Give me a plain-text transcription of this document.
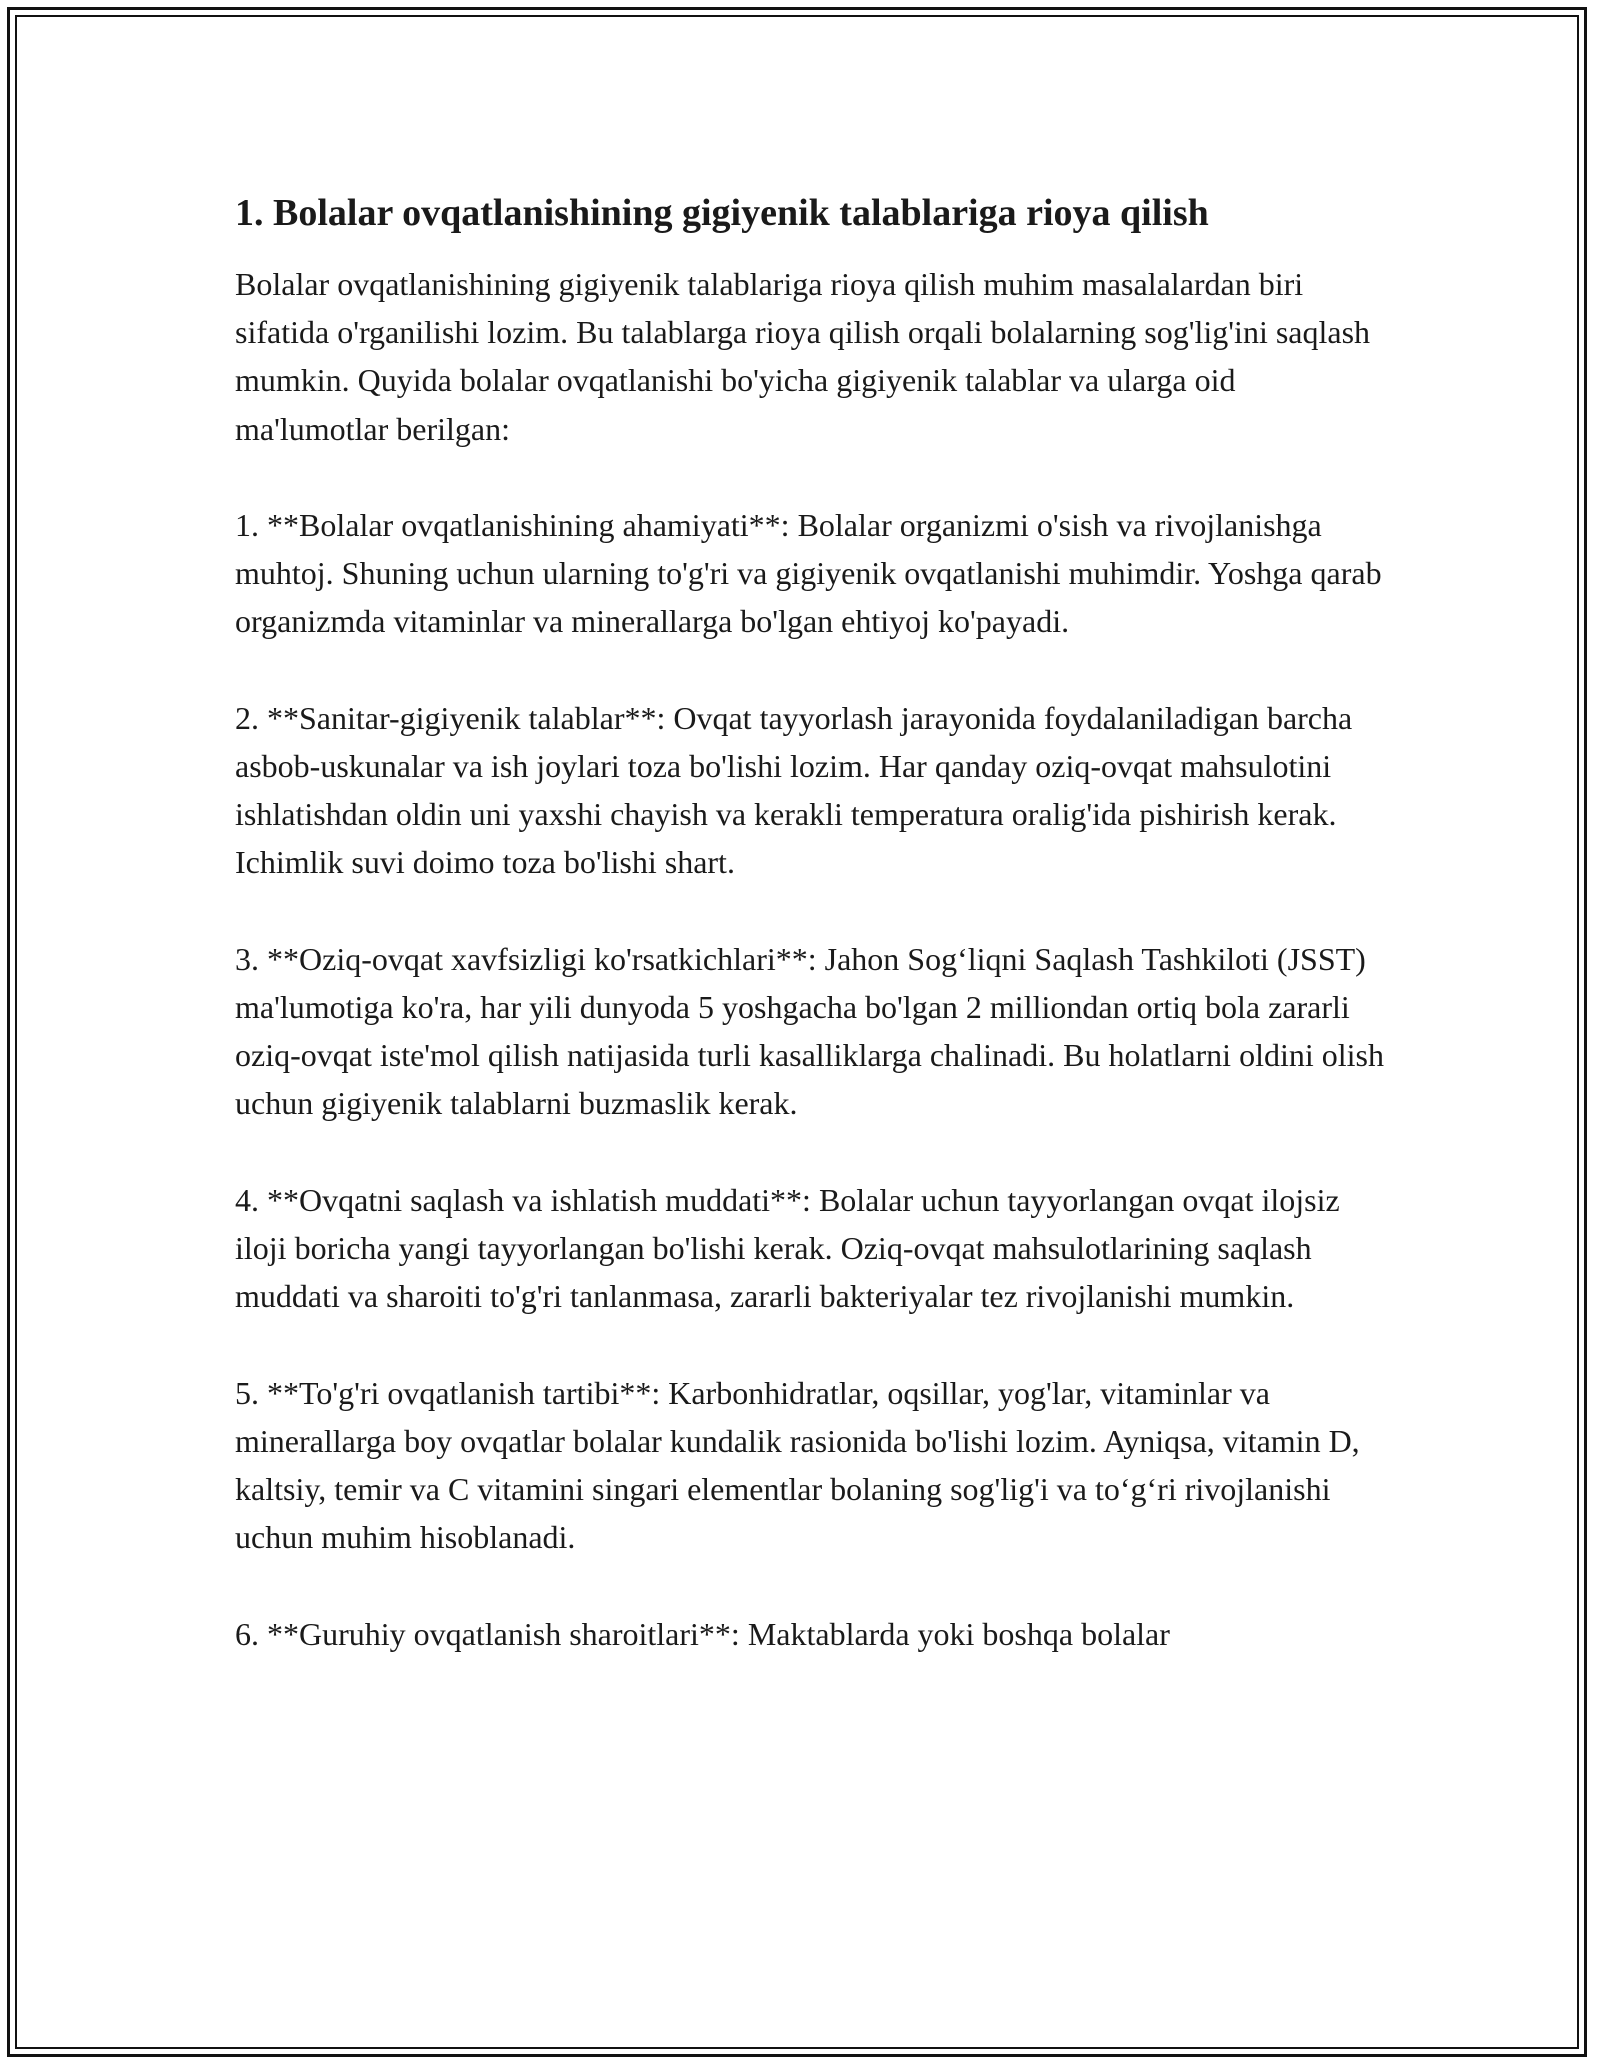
1. Bolalar ovqatlanishining gigiyenik talablariga rioya qilish

Bolalar ovqatlanishining gigiyenik talablariga rioya qilish muhim masalalardan biri sifatida o'rganilishi lozim. Bu talablarga rioya qilish orqali bolalarning sog'lig'ini saqlash mumkin. Quyida bolalar ovqatlanishi bo'yicha gigiyenik talablar va ularga oid ma'lumotlar berilgan:

1. **Bolalar ovqatlanishining ahamiyati**: Bolalar organizmi o'sish va rivojlanishga muhtoj. Shuning uchun ularning to'g'ri va gigiyenik ovqatlanishi muhimdir. Yoshga qarab organizmda vitaminlar va minerallarga bo'lgan ehtiyoj ko'payadi.

2. **Sanitar-gigiyenik talablar**: Ovqat tayyorlash jarayonida foydalaniladigan barcha asbob-uskunalar va ish joylari toza bo'lishi lozim. Har qanday oziq-ovqat mahsulotini ishlatishdan oldin uni yaxshi chayish va kerakli temperatura oralig'ida pishirish kerak. Ichimlik suvi doimo toza bo'lishi shart.

3. **Oziq-ovqat xavfsizligi ko'rsatkichlari**: Jahon Sog‘liqni Saqlash Tashkiloti (JSST) ma'lumotiga ko'ra, har yili dunyoda 5 yoshgacha bo'lgan 2 milliondan ortiq bola zararli oziq-ovqat iste'mol qilish natijasida turli kasalliklarga chalinadi. Bu holatlarni oldini olish uchun gigiyenik talablarni buzmaslik kerak.

4. **Ovqatni saqlash va ishlatish muddati**: Bolalar uchun tayyorlangan ovqat ilojsiz iloji boricha yangi tayyorlangan bo'lishi kerak. Oziq-ovqat mahsulotlarining saqlash muddati va sharoiti to'g'ri tanlanmasa, zararli bakteriyalar tez rivojlanishi mumkin.

5. **To'g'ri ovqatlanish tartibi**: Karbonhidratlar, oqsillar, yog'lar, vitaminlar va minerallarga boy ovqatlar bolalar kundalik rasionida bo'lishi lozim. Ayniqsa, vitamin D, kaltsiy, temir va C vitamini singari elementlar bolaning sog'lig'i va to‘g‘ri rivojlanishi uchun muhim hisoblanadi.

6. **Guruhiy ovqatlanish sharoitlari**: Maktablarda yoki boshqa bolalar
